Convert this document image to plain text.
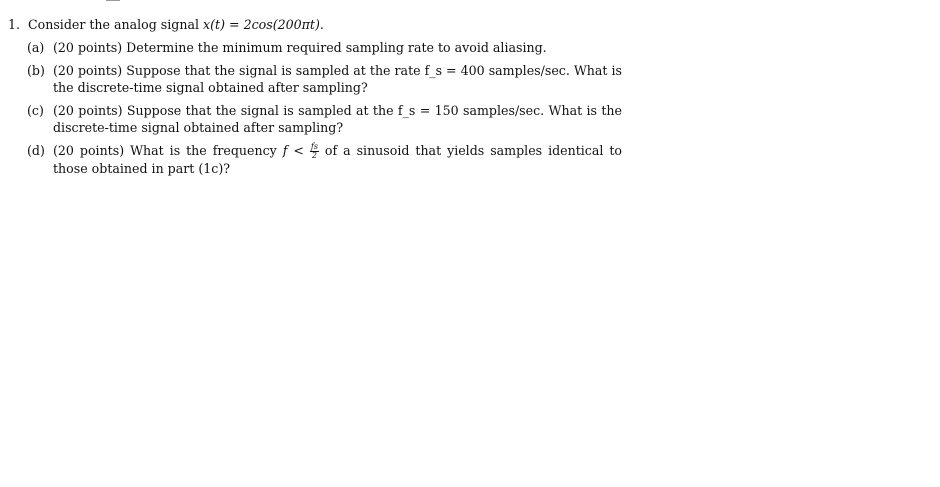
1. Consider the analog signal x(t) = 2cos(200πt).
(a) (20 points) Determine the minimum required sampling rate to avoid aliasing.
(b) (20 points) Suppose that the signal is sampled at the rate f_s = 400 samples/sec. What is the discrete-time signal obtained after sampling?
(c) (20 points) Suppose that the signal is sampled at the f_s = 150 samples/sec. What is the discrete-time signal obtained after sampling?
(d) (20 points) What is the frequency $f < \frac{fs}{2}$ of a sinusoid that yields samples identical to those obtained in part (1c)?
